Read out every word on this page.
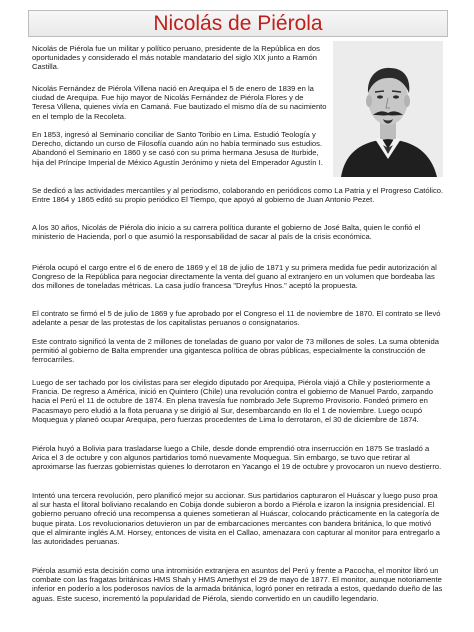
Nicolás de Piérola

Nicolás de Piérola fue un militar y político peruano, presidente de la República en dos oportunidades y considerado el más notable mandatario del siglo XIX junto a Ramón Castilla.

Nicolás Fernández de Piérola Villena nació en Arequipa el 5 de enero de 1839 en la ciudad de Arequipa. Fue hijo mayor de Nicolás Fernández de Piérola Flores y de Teresa Villena, quienes vivía en Camaná. Fue bautizado el mismo día de su nacimiento en el templo de la Recoleta.

En 1853, ingresó al Seminario conciliar de Santo Toribio en Lima. Estudió Teología y Derecho, dictando un curso de Filosofía cuando aún no había terminado sus estudios. Abandonó el Seminario en 1860 y se casó con su prima hermana Jesusa de Iturbide, hija del Príncipe Imperial de México Agustín Jerónimo y nieta del Emperador Agustín I.

Se dedicó a las actividades mercantiles y al periodismo, colaborando en periódicos como La Patria y el Progreso Católico. Entre 1864 y 1865 editó su propio periódico El Tiempo, que apoyó al gobierno de Juan Antonio Pezet.

A los 30 años, Nicolás de Piérola dio inicio a su carrera política durante el gobierno de José Balta, quien le confió el ministerio de Hacienda, porl o que asumió la responsabilidad de sacar al país de la crisis económica.

Piérola ocupó el cargo entre el 6 de enero de 1869 y el 18 de julio de 1871 y su primera medida fue pedir autorización al Congreso de la República para negociar directamente la venta del guano al extranjero en un volumen que bordeaba las dos millones de toneladas métricas. La casa judío francesa "Dreyfus Hnos." aceptó la propuesta.

El contrato se firmó el 5 de julio de 1869 y fue aprobado por el Congreso el 11 de noviembre de 1870. El contrato se llevó adelante a pesar de las protestas de los capitalistas peruanos o consignatarios.

Este contrato significó la venta de 2 millones de toneladas de guano por valor de 73 millones de soles. La suma obtenida permitió al gobierno de Balta emprender una gigantesca política de obras públicas, especialmente la construcción de ferrocarriles.

Luego de ser tachado por los civilistas para ser elegido diputado por Arequipa, Piérola viajó a Chile y posteriormente a Francia. De regreso a América, inició en Quintero (Chile) una revolución contra el gobierno de Manuel Pardo, zarpando hacia el Perú el 11 de octubre de 1874. En plena travesía fue nombrado Jefe Supremo Provisorio. Fondeó primero en Pacasmayo pero eludió a la flota peruana y se dirigió al Sur, desembarcando en Ilo el 1 de noviembre. Luego ocupó Moquegua y planeó ocupar Arequipa, pero fuerzas procedentes de Lima lo derrotaron, el 30 de diciembre de 1874.

Piérola huyó a Bolivia para trasladarse luego a Chile, desde donde emprendió otra inserrucción en 1875 Se trasladó a Arica el 3 de octubre y con algunos partidarios tomó nuevamente Moquegua. Sin embargo, se tuvo que retirar al aproximarse las fuerzas gobiernistas quienes lo derrotaron en Yacango el 19 de octubre y provocaron un nuevo destierro.

Intentó una tercera revolución, pero planificó mejor su accionar. Sus partidarios capturaron el Huáscar y luego puso proa al sur hasta el litoral boliviano recalando en Cobija donde subieron a bordo a Piérola e izaron la insignia presidencial. El gobierno peruano ofreció una recompensa a quienes sometieran al Huáscar, colocando prácticamente en la categoría de buque pirata. Los revolucionarios detuvieron un par de embarcaciones mercantes con bandera británica, lo que motivó que el almirante inglés A.M. Horsey, entonces de visita en el Callao, amenazara con capturar al monitor para entregarlo a las autoridades peruanas.

Piérola asumió esta decisión como una intromisión extranjera en asuntos del Perú y frente a Pacocha, el monitor libró un combate con las fragatas británicas HMS Shah y HMS Amethyst el 29 de mayo de 1877. El monitor, aunque notoriamente inferior en poderío a los poderosos navíos de la armada británica, logró poner en retirada a estos, quedando dueño de las aguas. Este suceso, incrementó la popularidad de Piérola, siendo convertido en un caudillo legendario.
